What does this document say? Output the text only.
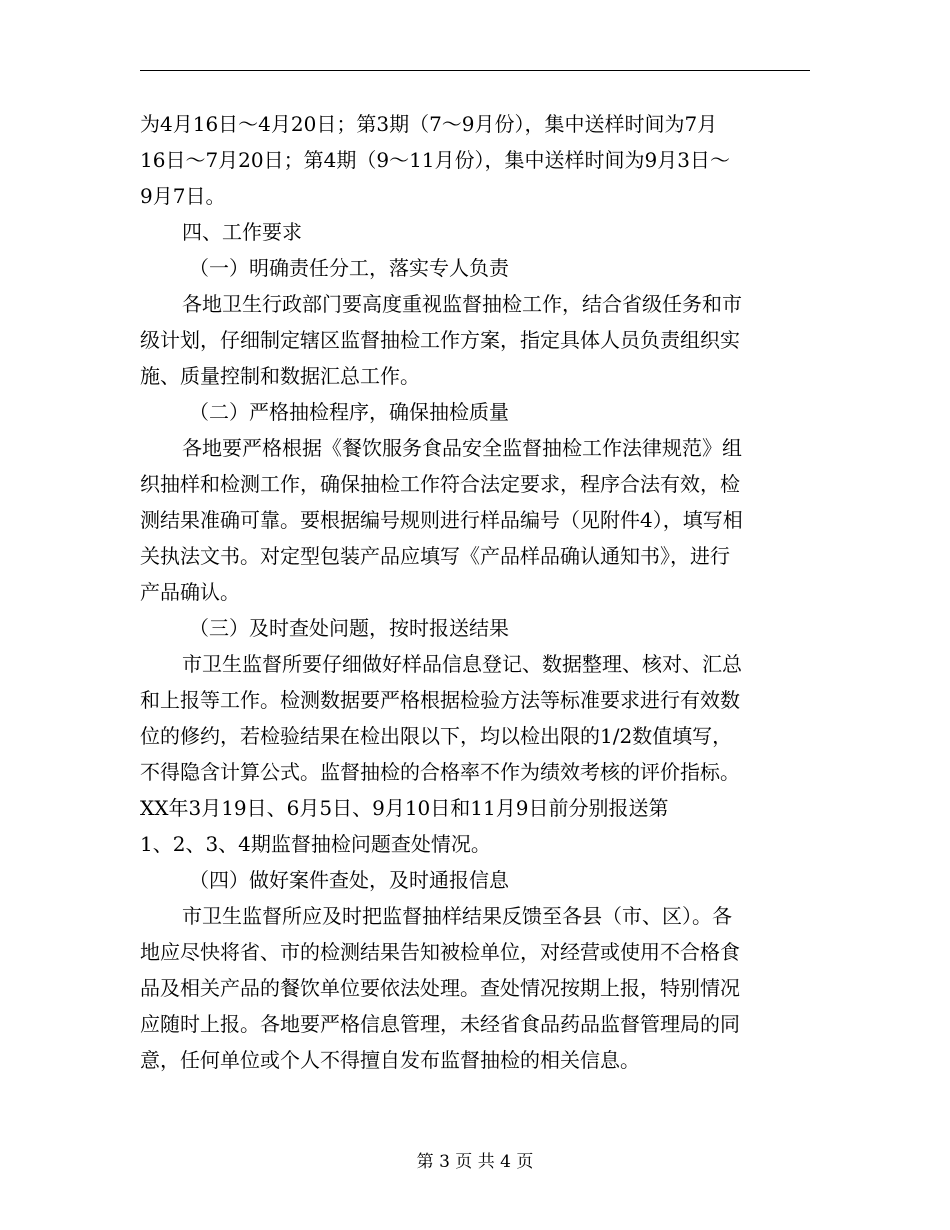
为4月16日～4月20日；第3期（7～9月份），集中送样时间为7月
16日～7月20日；第4期（9～11月份），集中送样时间为9月3日～
9月7日。
四、工作要求
（一）明确责任分工，落实专人负责
各地卫生行政部门要高度重视监督抽检工作，结合省级任务和市
级计划，仔细制定辖区监督抽检工作方案，指定具体人员负责组织实
施、质量控制和数据汇总工作。
（二）严格抽检程序，确保抽检质量
各地要严格根据《餐饮服务食品安全监督抽检工作法律规范》组
织抽样和检测工作，确保抽检工作符合法定要求，程序合法有效，检
测结果准确可靠。要根据编号规则进行样品编号（见附件4），填写相
关执法文书。对定型包装产品应填写《产品样品确认通知书》，进行
产品确认。
（三）及时查处问题，按时报送结果
市卫生监督所要仔细做好样品信息登记、数据整理、核对、汇总
和上报等工作。检测数据要严格根据检验方法等标准要求进行有效数
位的修约，若检验结果在检出限以下，均以检出限的1/2数值填写，
不得隐含计算公式。监督抽检的合格率不作为绩效考核的评价指标。
XX年3月19日、6月5日、9月10日和11月9日前分别报送第
1、2、3、4期监督抽检问题查处情况。
（四）做好案件查处，及时通报信息
市卫生监督所应及时把监督抽样结果反馈至各县（市、区）。各
地应尽快将省、市的检测结果告知被检单位，对经营或使用不合格食
品及相关产品的餐饮单位要依法处理。查处情况按期上报，特别情况
应随时上报。各地要严格信息管理，未经省食品药品监督管理局的同
意，任何单位或个人不得擅自发布监督抽检的相关信息。
第 3 页 共 4 页
